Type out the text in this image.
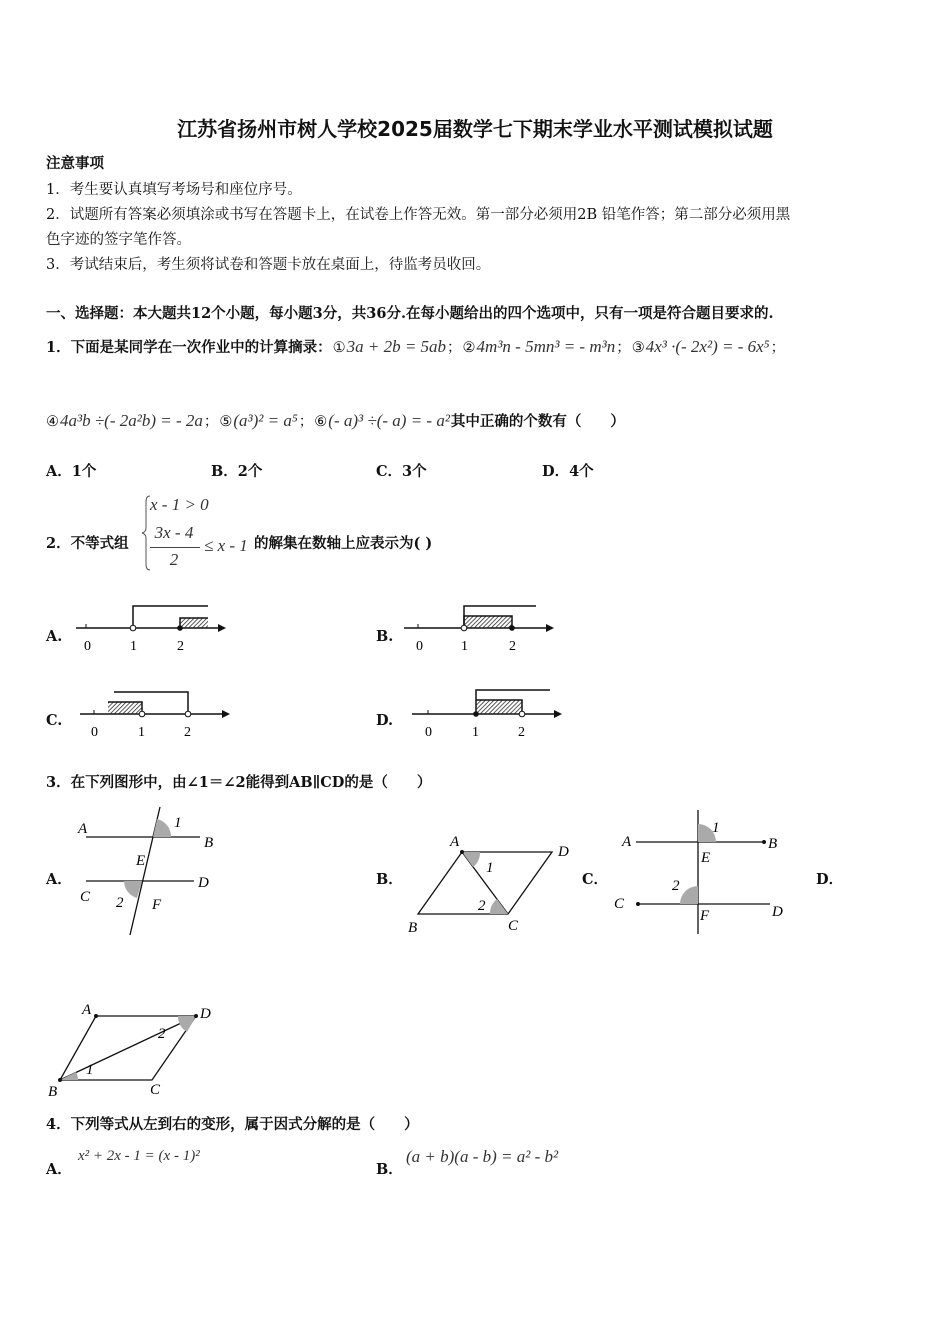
江苏省扬州市树人学校2025届数学七下期末学业水平测试模拟试题
注意事项
1．考生要认真填写考场号和座位序号。
2．试题所有答案必须填涂或书写在答题卡上，在试卷上作答无效。第一部分必须用2B 铅笔作答；第二部分必须用黑
色字迹的签字笔作答。
3．考试结束后，考生须将试卷和答题卡放在桌面上，待监考员收回。
一、选择题：本大题共12个小题，每小题3分，共36分.在每小题给出的四个选项中，只有一项是符合题目要求的.
1．下面是某同学在一次作业中的计算摘录： ① 3a + 2b = 5ab ； ② 4m³n - 5mn³ = - m³n ； ③ 4x³ ·(- 2x²) = - 6x⁵ ；
④ 4a³b ÷(- 2a²b) = - 2a ； ⑤ (a³)² = a⁵ ； ⑥ (- a)³ ÷(- a) = - a² 其中正确的个数有（　　）
A．1个	B．2个	C．3个	D．4个
2．不等式组
x - 1 > 0
3x - 4
2
≤ x - 1 的解集在数轴上应表示为( )
A.	B.
C.	D.
0	1	2	0	1	2
0	1	2	0	1	2
3．在下列图形中，由∠1＝∠2能得到AB∥CD的是（　　）
A．	B．	C．	D．
A	1
B
E
C
D
2 F
A
D
1
2
B	C
A
1
B
E
2
C
F	D
A	D
2
1
B	C
4．下列等式从左到右的变形，属于因式分解的是（　　）
A．
x² + 2x - 1 = (x - 1)²
B．
(a + b)(a - b) = a² - b²
